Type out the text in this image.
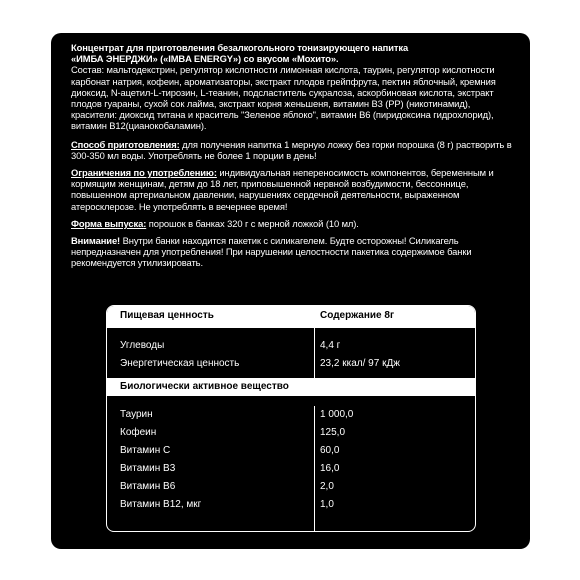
Концентрат для приготовления безалкогольного тонизирующего напитка
«ИМБА ЭНЕРДЖИ» («IMBA ENERGY») со вкусом «Мохито».
Состав: мальтодекстрин, регулятор кислотности лимонная кислота, таурин, регулятор кислотности карбонат натрия, кофеин, ароматизаторы, экстракт плодов грейпфрута, пектин яблочный, кремния диоксид, N-ацетил-L-тирозин, L-теанин, подсластитель сукралоза, аскорбиновая кислота, экстракт плодов гуараны, сухой сок лайма, экстракт корня женьшеня, витамин В3 (РР) (никотинамид), красители: диоксид титана и краситель "Зеленое яблоко", витамин В6 (пиридоксина гидрохлорид), витамин В12(цианокобаламин).

Способ приготовления: для получения напитка 1 мерную ложку без горки порошка (8 г) растворить в 300-350 мл воды. Употреблять не более 1 порции в день!

Ограничения по употреблению: индивидуальная непереносимость компонентов, беременным и кормящим женщинам, детям до 18 лет, приповышенной нервной возбудимости, бессоннице, повышенном артериальном давлении, нарушениях сердечной деятельности, выраженном атеросклерозе. Не употреблять в вечернее время!

Форма выпуска: порошок в банках 320 г с мерной ложкой (10 мл).

Внимание! Внутри банки находится пакетик с силикагелем. Будте осторожны! Силикагель непредназначен для употребления! При нарушении целостности пакетика содержимое банки рекомендуется утилизировать.

Пищевая ценность	Содержание 8г
Углеводы	4,4 г
Энергетическая ценность	23,2 ккал/ 97 кДж
Биологически активное вещество
Таурин	1 000,0
Кофеин	125,0
Витамин С	60,0
Витамин В3	16,0
Витамин В6	2,0
Витамин В12, мкг	1,0
